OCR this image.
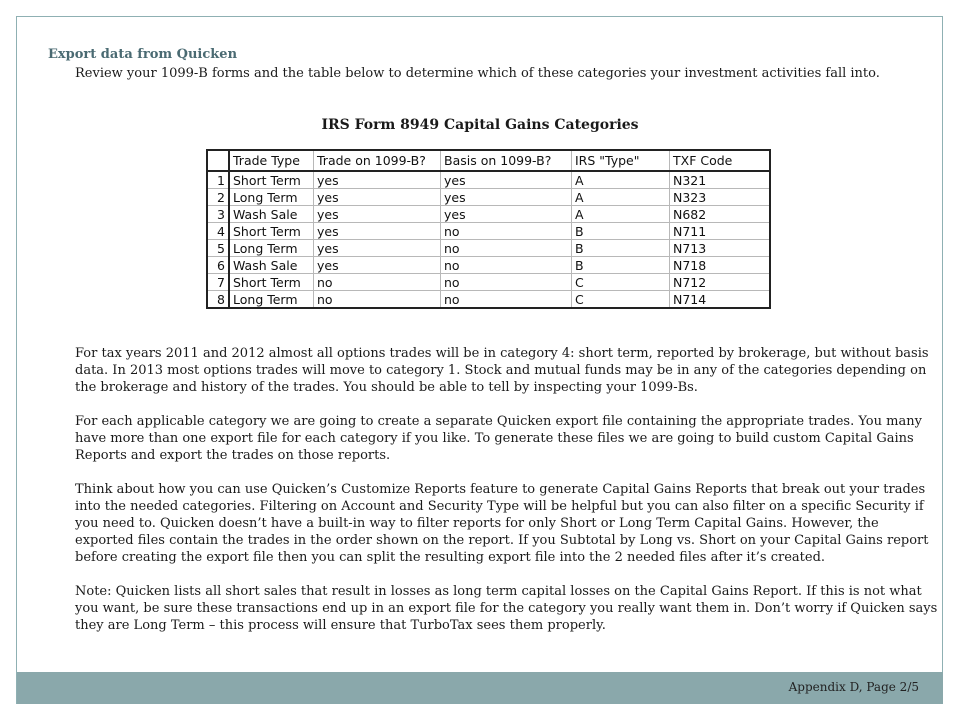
Export data from Quicken
Review your 1099-B forms and the table below to determine which of these categories your investment activities fall into.
IRS Form 8949 Capital Gains Categories
	Trade Type	Trade on 1099-B?	Basis on 1099-B?	IRS "Type"	TXF Code
1	Short Term	yes	yes	A	N321
2	Long Term	yes	yes	A	N323
3	Wash Sale	yes	yes	A	N682
4	Short Term	yes	no	B	N711
5	Long Term	yes	no	B	N713
6	Wash Sale	yes	no	B	N718
7	Short Term	no	no	C	N712
8	Long Term	no	no	C	N714

For tax years 2011 and 2012 almost all options trades will be in category 4: short term, reported by brokerage, but without basis data. In 2013 most options trades will move to category 1. Stock and mutual funds may be in any of the categories depending on the brokerage and history of the trades. You should be able to tell by inspecting your 1099-Bs.

For each applicable category we are going to create a separate Quicken export file containing the appropriate trades. You many have more than one export file for each category if you like. To generate these files we are going to build custom Capital Gains Reports and export the trades on those reports.

Think about how you can use Quicken’s Customize Reports feature to generate Capital Gains Reports that break out your trades into the needed categories. Filtering on Account and Security Type will be helpful but you can also filter on a specific Security if you need to. Quicken doesn’t have a built-in way to filter reports for only Short or Long Term Capital Gains. However, the exported files contain the trades in the order shown on the report. If you Subtotal by Long vs. Short on your Capital Gains report before creating the export file then you can split the resulting export file into the 2 needed files after it’s created.

Note: Quicken lists all short sales that result in losses as long term capital losses on the Capital Gains Report. If this is not what you want, be sure these transactions end up in an export file for the category you really want them in. Don’t worry if Quicken says they are Long Term – this process will ensure that TurboTax sees them properly.

Appendix D, Page 2/5
